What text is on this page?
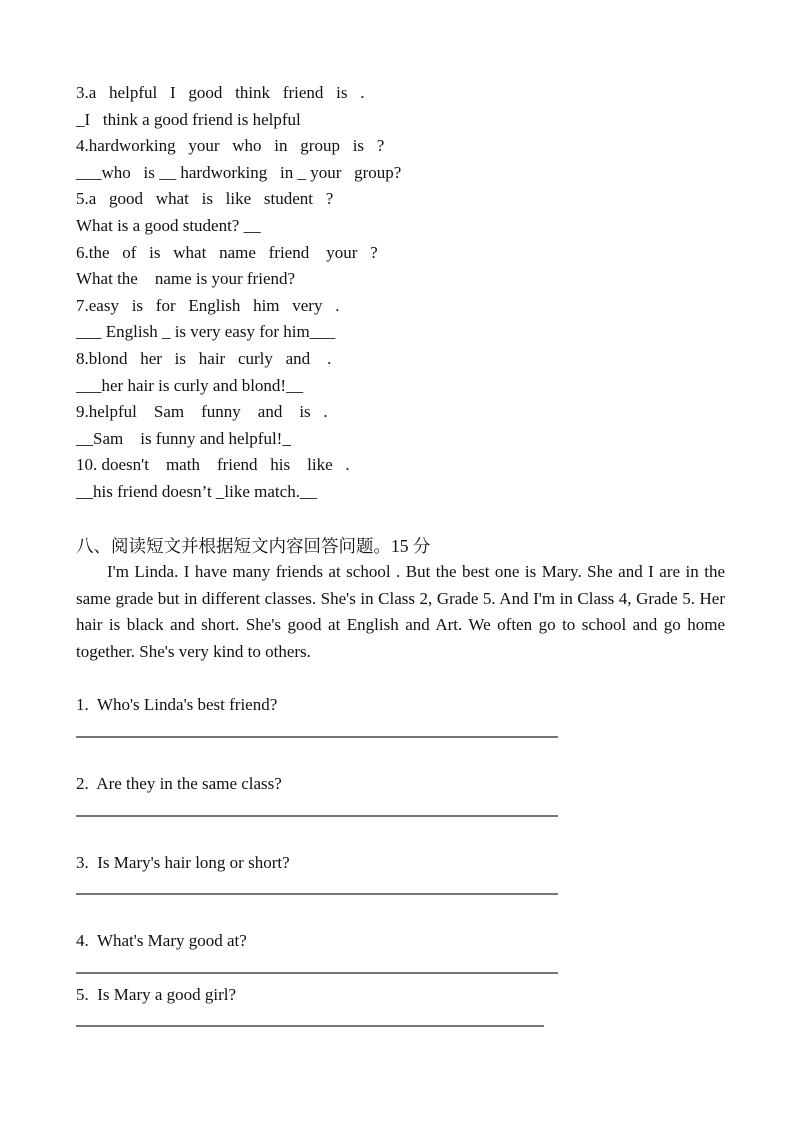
3.a   helpful   I   good   think   friend   is   .
_I   think a good friend is helpful
4.hardworking   your   who   in   group   is   ?
___who   is __ hardworking   in _ your   group?
5.a   good   what   is   like   student   ?
What is a good student? __
6.the   of   is   what   name   friend    your   ?
What the    name is your friend?
7.easy   is   for   English   him   very   .
___ English _ is very easy for him___
8.blond   her   is   hair   curly   and    .
___her hair is curly and blond!__
9.helpful    Sam    funny    and    is   .
__Sam    is funny and helpful!_
10. doesn't    math    friend   his    like   .
__his friend doesn’t _like match.__
八、阅读短文并根据短文内容回答问题。15 分

I'm Linda. I have many friends at school . But the best one is Mary. She and I are in the same grade but in different classes. She's in Class 2, Grade 5. And I'm in Class 4, Grade 5. Her hair is black and short. She's good at English and Art. We often go to school and go home together. She's very kind to others.

1.  Who's Linda's best friend?
2.  Are they in the same class?
3.  Is Mary's hair long or short?
4.  What's Mary good at?
5.  Is Mary a good girl?
